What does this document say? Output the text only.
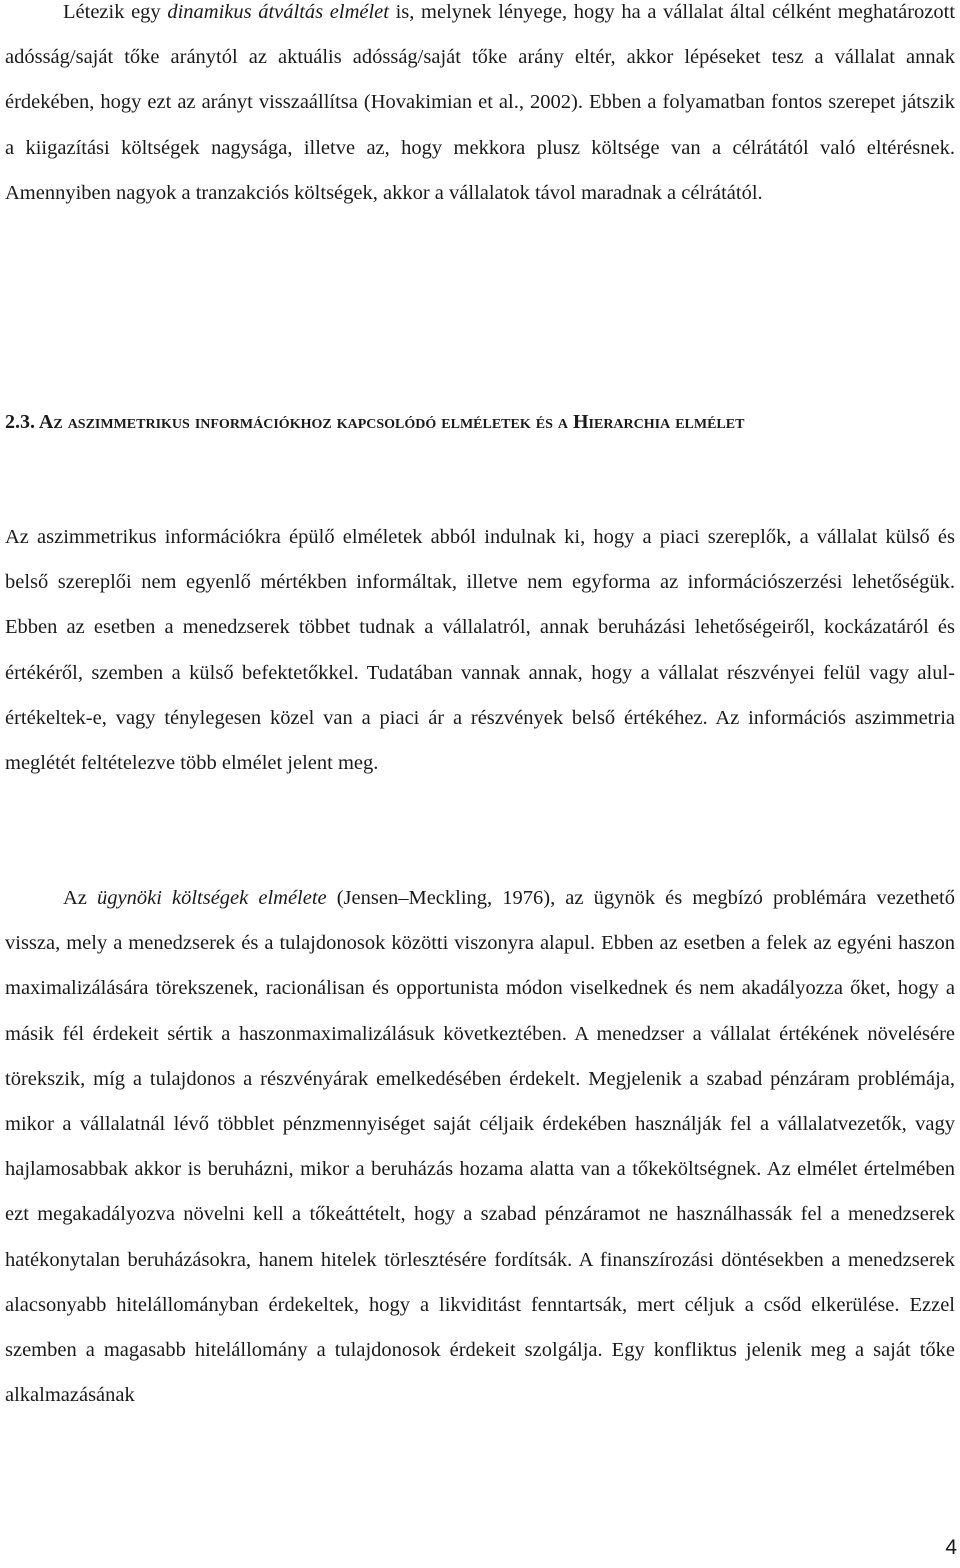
Létezik egy dinamikus átváltás elmélet is, melynek lényege, hogy ha a vállalat által célként meghatározott adósság/saját tőke aránytól az aktuális adósság/saját tőke arány eltér, akkor lépéseket tesz a vállalat annak érdekében, hogy ezt az arányt visszaállítsa (Hovakimian et al., 2002). Ebben a folyamatban fontos szerepet játszik a kiigazítási költségek nagysága, illetve az, hogy mekkora plusz költsége van a célrátától való eltérésnek. Amennyiben nagyok a tranzakciós költségek, akkor a vállalatok távol maradnak a célrátától.

2.3. Az aszimmetrikus információkhoz kapcsolódó elméletek és a Hierarchia elmélet

Az aszimmetrikus információkra épülő elméletek abból indulnak ki, hogy a piaci szereplők, a vállalat külső és belső szereplői nem egyenlő mértékben informáltak, illetve nem egyforma az információszerzési lehetőségük. Ebben az esetben a menedzserek többet tudnak a vállalatról, annak beruházási lehetőségeiről, kockázatáról és értékéről, szemben a külső befektetőkkel. Tudatában vannak annak, hogy a vállalat részvényei felül vagy alulértékeltek-e, vagy ténylegesen közel van a piaci ár a részvények belső értékéhez. Az információs aszimmetria meglétét feltételezve több elmélet jelent meg.

Az ügynöki költségek elmélete (Jensen–Meckling, 1976), az ügynök és megbízó problémára vezethető vissza, mely a menedzserek és a tulajdonosok közötti viszonyra alapul. Ebben az esetben a felek az egyéni haszon maximalizálására törekszenek, racionálisan és opportunista módon viselkednek és nem akadályozza őket, hogy a másik fél érdekeit sértik a haszonmaximalizálásuk következtében. A menedzser a vállalat értékének növelésére törekszik, míg a tulajdonos a részvényárak emelkedésében érdekelt. Megjelenik a szabad pénzáram problémája, mikor a vállalatnál lévő többlet pénzmennyiséget saját céljaik érdekében használják fel a vállalatvezetők, vagy hajlamosabbak akkor is beruházni, mikor a beruházás hozama alatta van a tőkeköltségnek. Az elmélet értelmében ezt megakadályozva növelni kell a tőkeáttételt, hogy a szabad pénzáramot ne használhassák fel a menedzserek hatékonytalan beruházásokra, hanem hitelek törlesztésére fordítsák. A finanszírozási döntésekben a menedzserek alacsonyabb hitelállományban érdekeltek, hogy a likviditást fenntartsák, mert céljuk a csőd elkerülése. Ezzel szemben a magasabb hitelállomány a tulajdonosok érdekeit szolgálja. Egy konfliktus jelenik meg a saját tőke alkalmazásának

4
